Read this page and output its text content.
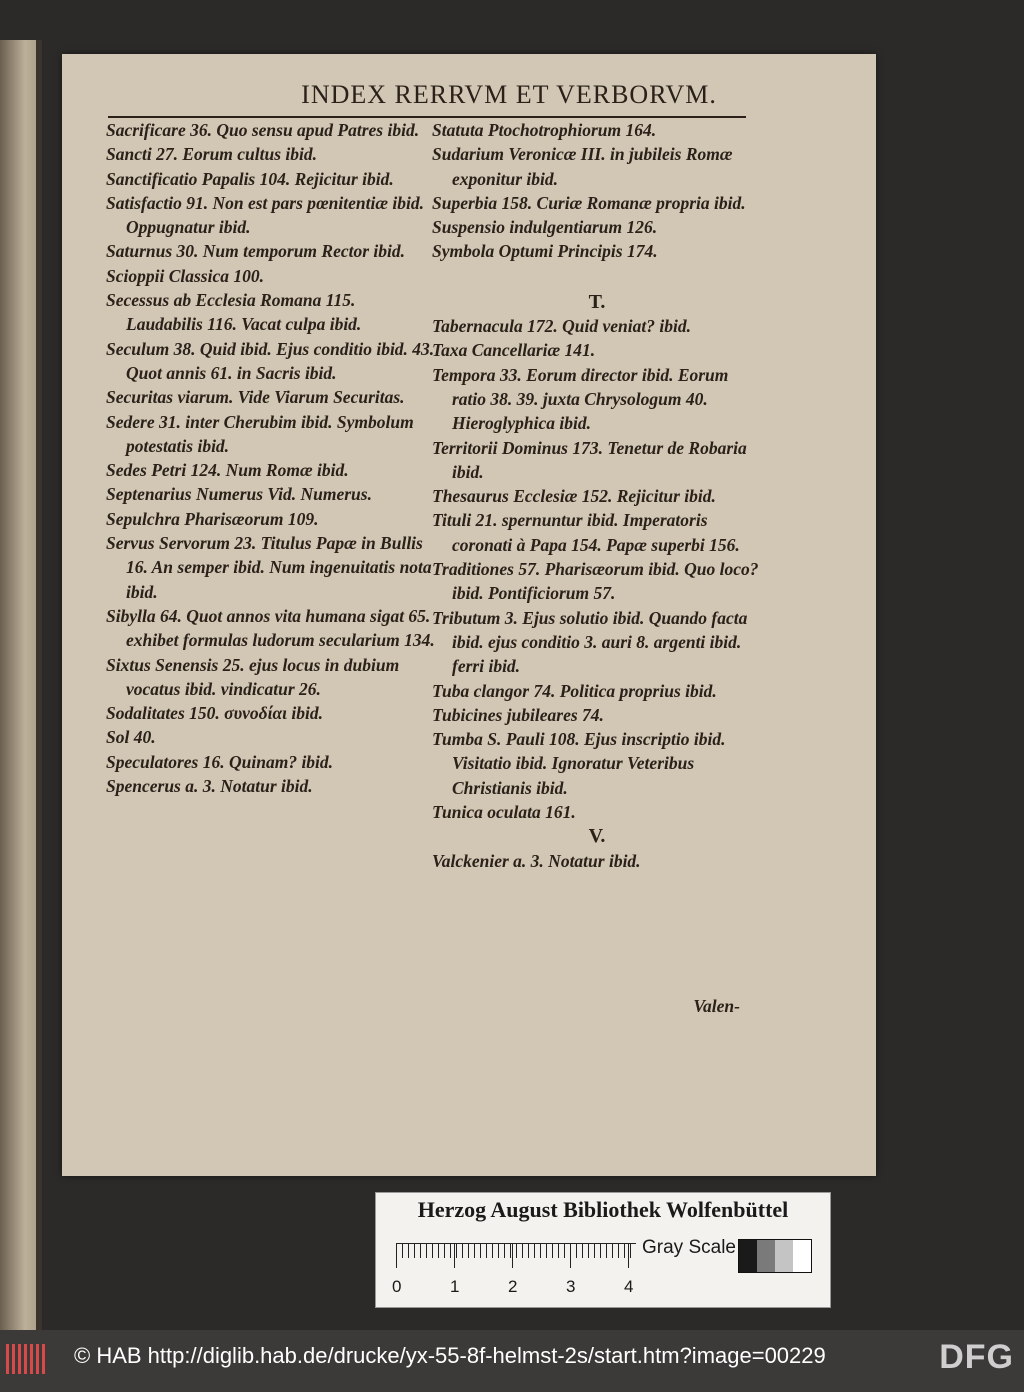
INDEX RERRVM ET VERBORVM.

Sacrificare 36. Quo sensu apud Patres ibid.

Sancti 27. Eorum cultus ibid.

Sanctificatio Papalis 104. Rejicitur ibid.

Satisfactio 91. Non est pars pœnitentiæ ibid. Oppugnatur ibid.

Saturnus 30. Num temporum Rector ibid.

Scioppii Classica 100.

Secessus ab Ecclesia Romana 115. Laudabilis 116. Vacat culpa ibid.

Seculum 38. Quid ibid. Ejus conditio ibid. 43. Quot annis 61. in Sacris ibid.

Securitas viarum. Vide Viarum Securitas.

Sedere 31. inter Cherubim ibid. Symbolum potestatis ibid.

Sedes Petri 124. Num Romæ ibid.

Septenarius Numerus Vid. Numerus.

Sepulchra Pharisæorum 109.

Servus Servorum 23. Titulus Papæ in Bullis 16. An semper ibid. Num ingenuitatis nota ibid.

Sibylla 64. Quot annos vita humana sigat 65. exhibet formulas ludorum secularium 134.

Sixtus Senensis 25. ejus locus in dubium vocatus ibid. vindicatur 26.

Sodalitates 150. συνοδίαι ibid.

Sol 40.

Speculatores 16. Quinam? ibid.

Spencerus a. 3. Notatur ibid.

Statuta Ptochotrophiorum 164.

Sudarium Veronicæ III. in jubileis Romæ exponitur ibid.

Superbia 158. Curiæ Romanæ propria ibid.

Suspensio indulgentiarum 126.

Symbola Optumi Principis 174.

T.

Tabernacula 172. Quid veniat? ibid.

Taxa Cancellariæ 141.

Tempora 33. Eorum director ibid. Eorum ratio 38. 39. juxta Chrysologum 40. Hieroglyphica ibid.

Territorii Dominus 173. Tenetur de Robaria ibid.

Thesaurus Ecclesiæ 152. Rejicitur ibid.

Tituli 21. spernuntur ibid. Imperatoris coronati à Papa 154. Papæ superbi 156.

Traditiones 57. Pharisæorum ibid. Quo loco? ibid. Pontificiorum 57.

Tributum 3. Ejus solutio ibid. Quando facta ibid. ejus conditio 3. auri 8. argenti ibid. ferri ibid.

Tuba clangor 74. Politica proprius ibid.

Tubicines jubileares 74.

Tumba S. Pauli 108. Ejus inscriptio ibid. Visitatio ibid. Ignoratur Veteribus Christianis ibid.

Tunica oculata 161.

V.

Valckenier a. 3. Notatur ibid.

Valen-
Herzog August Bibliothek Wolfenbüttel
0	1	2	3	4
Gray Scale
© HAB http://diglib.hab.de/drucke/yx-55-8f-helmst-2s/start.htm?image=00229	DFG
